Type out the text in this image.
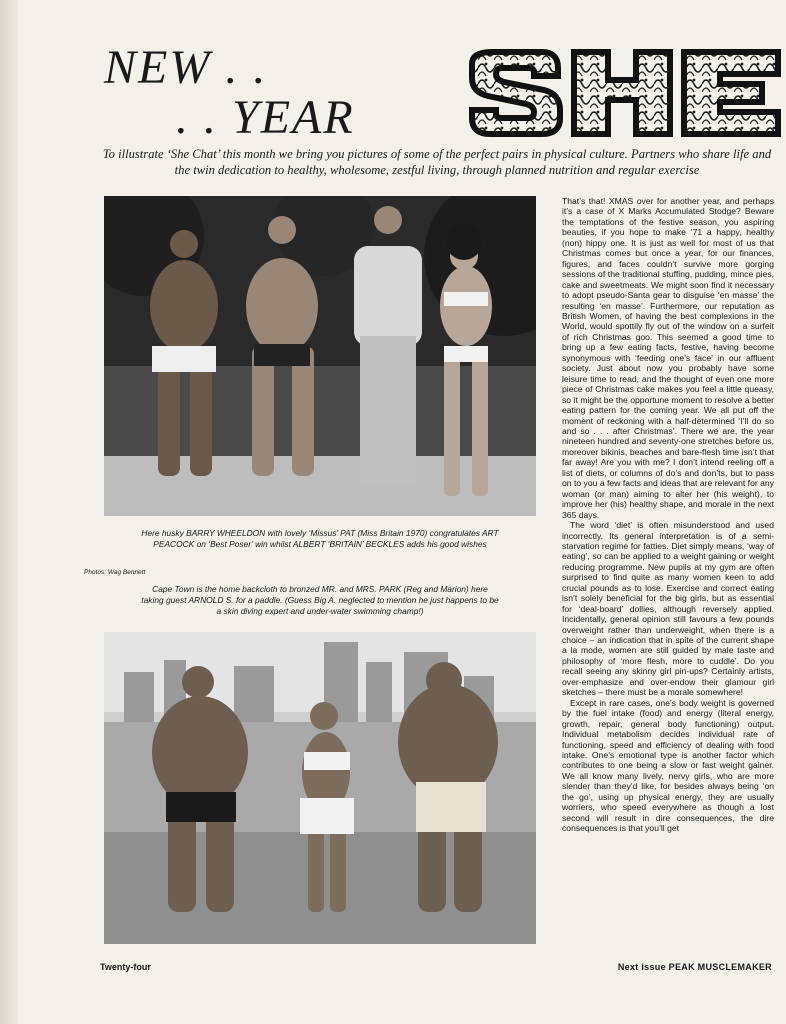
NEW . .
. . YEAR

To illustrate ‘She Chat’ this month we bring you pictures of some of the perfect pairs in physical culture. Partners who share life and the twin dedication to healthy, wholesome, zestful living, through planned nutrition and regular exercise

Here husky BARRY WHEELDON with lovely ‘Missus’ PAT (Miss Britain 1970) congratulates ART PEACOCK on ‘Best Poser’ win whilst ALBERT ‘BRITAIN’ BECKLES adds his good wishes

Photos: Wag Bennett

Cape Town is the home backcloth to bronzed MR. and MRS. PARK (Reg and Marion) here taking guest ARNOLD S. for a paddle. (Guess Big A. neglected to mention he just happens to be a skin diving expert and under-water swimming champ!)

That’s that! XMAS over for another year, and perhaps it’s a case of X Marks Accumulated Stodge? Beware the temptations of the festive season, you aspiring beauties, if you hope to make ’71 a happy, healthy (non) hippy one. It is just as well for most of us that Christmas comes but once a year, for our finances, figures, and faces couldn’t survive more gorging sessions of the traditional stuffing, pudding, mince pies, cake and sweetmeats. We might soon find it necessary to adopt pseudo-Santa gear to disguise ‘en masse’ the resulting ‘en masse’. Furthermore, our reputation as British Women, of having the best complexions in the World, would spottily fly out of the window on a surfeit of rich Christmas goo. This seemed a good time to bring up a few eating facts, festive, having become synonymous with ‘feeding one’s face’ in our affluent society. Just about now you probably have some leisure time to read, and the thought of even one more piece of Christmas cake makes you feel a little queasy, so it might be the opportune moment to resolve a better eating pattern for the coming year. We all put off the moment of reckoning with a half-determined ‘I’ll do so and so . . . after Christmas’. There we are, the year nineteen hundred and seventy-one stretches before us, moreover bikinis, beaches and bare-flesh time isn’t that far away! Are you with me? I don’t intend reeling off a list of diets, or columns of do’s and don’ts, but to pass on to you a few facts and ideas that are relevant for any woman (or man) aiming to alter her (his weight), to improve her (his) healthy shape, and morale in the next 365 days.

The word ‘diet’ is often misunderstood and used incorrectly. Its general interpretation is of a semi-starvation regime for fatties. Diet simply means, ‘way of eating’, so can be applied to a weight gaining or weight reducing programme. New pupils at my gym are often surprised to find quite as many women keen to add crucial pounds as to lose. Exercise and correct eating isn’t solely beneficial for the big girls, but as essential for ‘deal-board’ dollies, although reversely applied. Incidentally, general opinion still favours a few pounds overweight rather than underweight, when there is a choice – an indication that in spite of the current shape a la mode, women are still guided by male taste and philosophy of ‘more flesh, more to cuddle’. Do you recall seeing any skinny girl pin-ups? Certainly artists, over-emphasize and over-endow their glamour girl sketches – there must be a morale somewhere!

Except in rare cases, one’s body weight is governed by the fuel intake (food) and energy (literal energy, growth, repair, general body functioning) output. Individual metabolism decides individual rate of functioning, speed and efficiency of dealing with food intake. One’s emotional type is another factor which contributes to one being a slow or fast weight gainer. We all know many lively, nervy girls, who are more slender than they’d like, for besides always being ‘on the go’, using up physical energy, they are usually worriers, who speed everywhere as though a lost second will result in dire consequences, the dire consequences is that you’ll get

Twenty-four	Next issue PEAK MUSCLEMAKER
